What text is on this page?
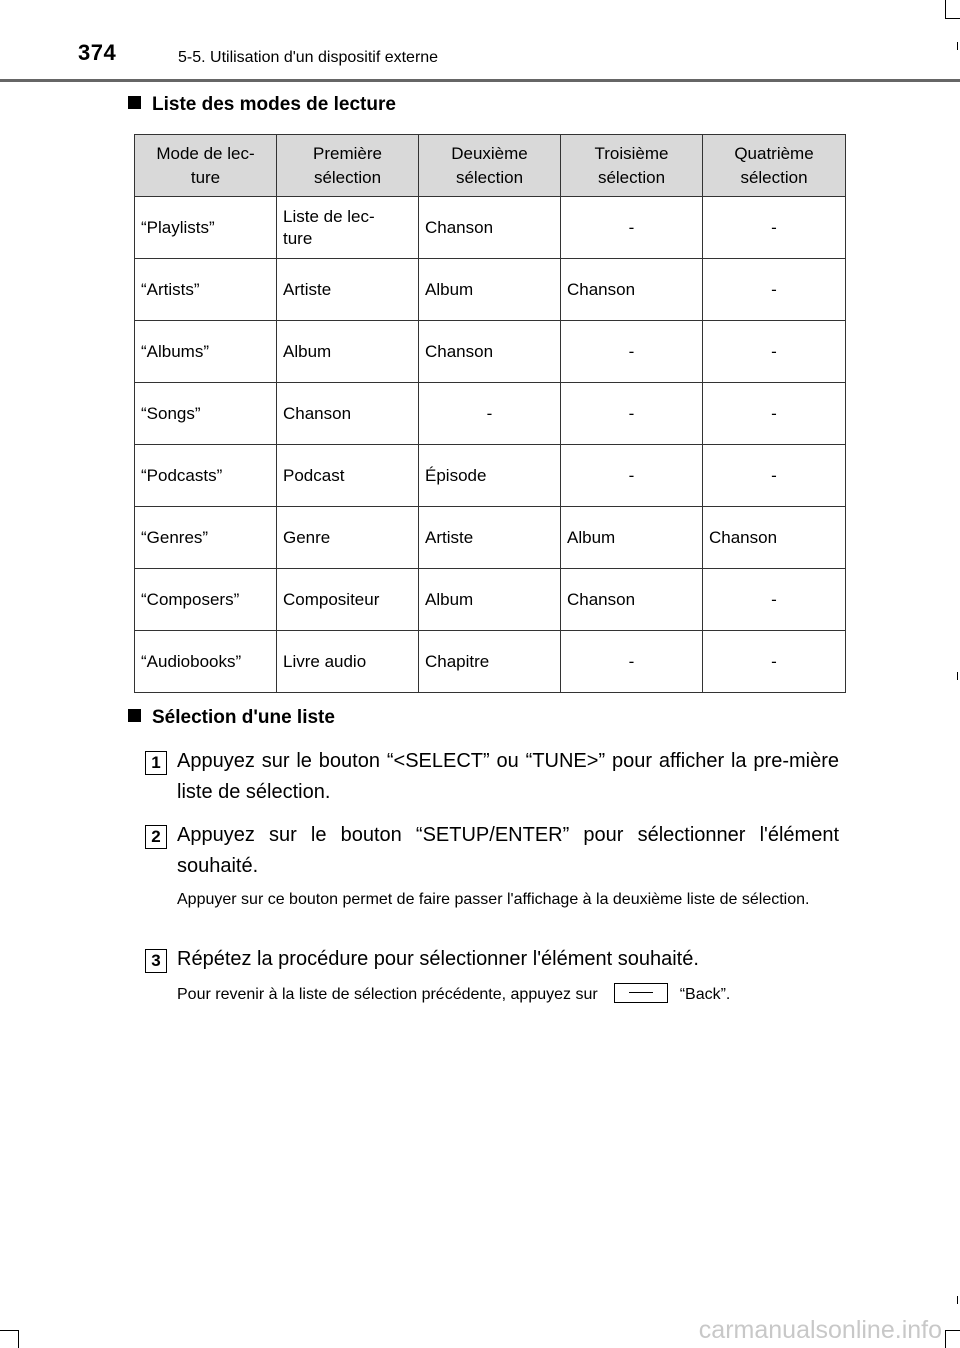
374	5-5. Utilisation d'un dispositif externe
Liste des modes de lecture
Mode de lec-
ture	Première
sélection	Deuxième
sélection	Troisième
sélection	Quatrième
sélection
“Playlists”	Liste de lec-
ture	Chanson	-	-
“Artists”	Artiste	Album	Chanson	-
“Albums”	Album	Chanson	-	-
“Songs”	Chanson	-	-	-
“Podcasts”	Podcast	Épisode	-	-
“Genres”	Genre	Artiste	Album	Chanson
“Composers”	Compositeur	Album	Chanson	-
“Audiobooks”	Livre audio	Chapitre	-	-
Sélection d'une liste
1 Appuyez sur le bouton “<SELECT” ou “TUNE>” pour afficher la pre-mière liste de sélection.
2 Appuyez sur le bouton “SETUP/ENTER” pour sélectionner l'élément souhaité.
Appuyer sur ce bouton permet de faire passer l'affichage à la deuxième liste de sélection.
3 Répétez la procédure pour sélectionner l'élément souhaité.
Pour revenir à la liste de sélection précédente, appuyez sur	“Back”.
carmanualsonline.info
